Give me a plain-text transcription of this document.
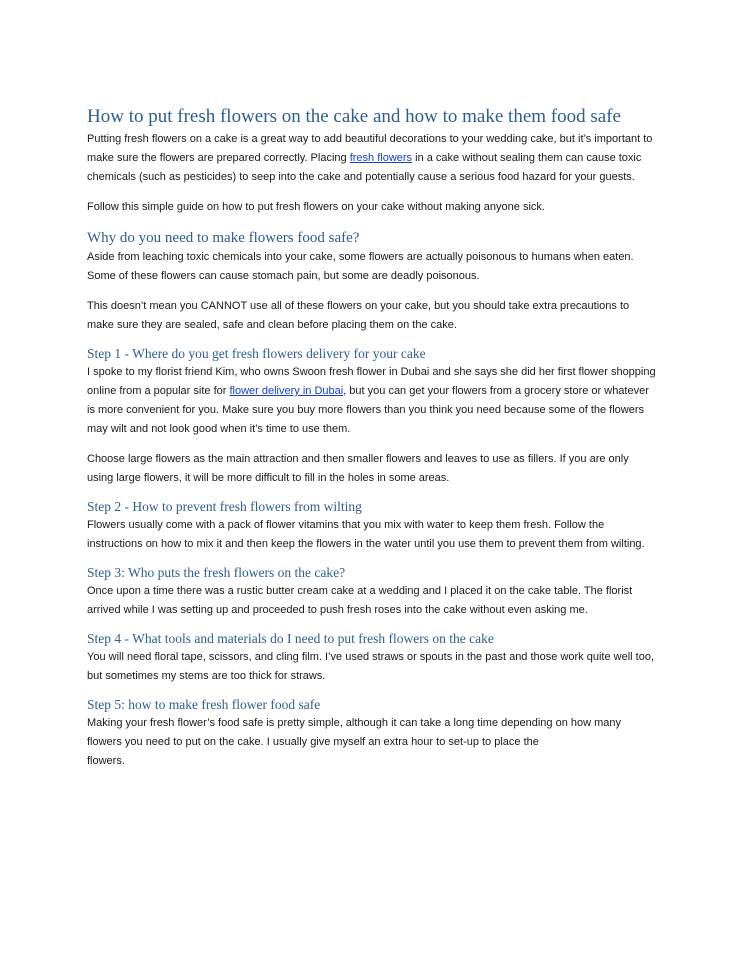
How to put fresh flowers on the cake and how to make them food safe

Putting fresh flowers on a cake is a great way to add beautiful decorations to your wedding cake, but it’s important to make sure the flowers are prepared correctly. Placing fresh flowers in a cake without sealing them can cause toxic chemicals (such as pesticides) to seep into the cake and potentially cause a serious food hazard for your guests.

Follow this simple guide on how to put fresh flowers on your cake without making anyone sick.

Why do you need to make flowers food safe?

Aside from leaching toxic chemicals into your cake, some flowers are actually poisonous to humans when eaten. Some of these flowers can cause stomach pain, but some are deadly poisonous.

This doesn’t mean you CANNOT use all of these flowers on your cake, but you should take extra precautions to make sure they are sealed, safe and clean before placing them on the cake.

Step 1 - Where do you get fresh flowers delivery for your cake

I spoke to my florist friend Kim, who owns Swoon fresh flower in Dubai and she says she did her first flower shopping online from a popular site for flower delivery in Dubai, but you can get your flowers from a grocery store or whatever is more convenient for you. Make sure you buy more flowers than you think you need because some of the flowers may wilt and not look good when it’s time to use them.

Choose large flowers as the main attraction and then smaller flowers and leaves to use as fillers. If you are only using large flowers, it will be more difficult to fill in the holes in some areas.

Step 2 - How to prevent fresh flowers from wilting

Flowers usually come with a pack of flower vitamins that you mix with water to keep them fresh. Follow the instructions on how to mix it and then keep the flowers in the water until you use them to prevent them from wilting.

Step 3: Who puts the fresh flowers on the cake?

Once upon a time there was a rustic butter cream cake at a wedding and I placed it on the cake table. The florist arrived while I was setting up and proceeded to push fresh roses into the cake without even asking me.

Step 4 - What tools and materials do I need to put fresh flowers on the cake

You will need floral tape, scissors, and cling film. I’ve used straws or spouts in the past and those work quite well too, but sometimes my stems are too thick for straws.

Step 5: how to make fresh flower food safe

Making your fresh flower’s food safe is pretty simple, although it can take a long time depending on how many flowers you need to put on the cake. I usually give myself an extra hour to set-up to place the
flowers.
